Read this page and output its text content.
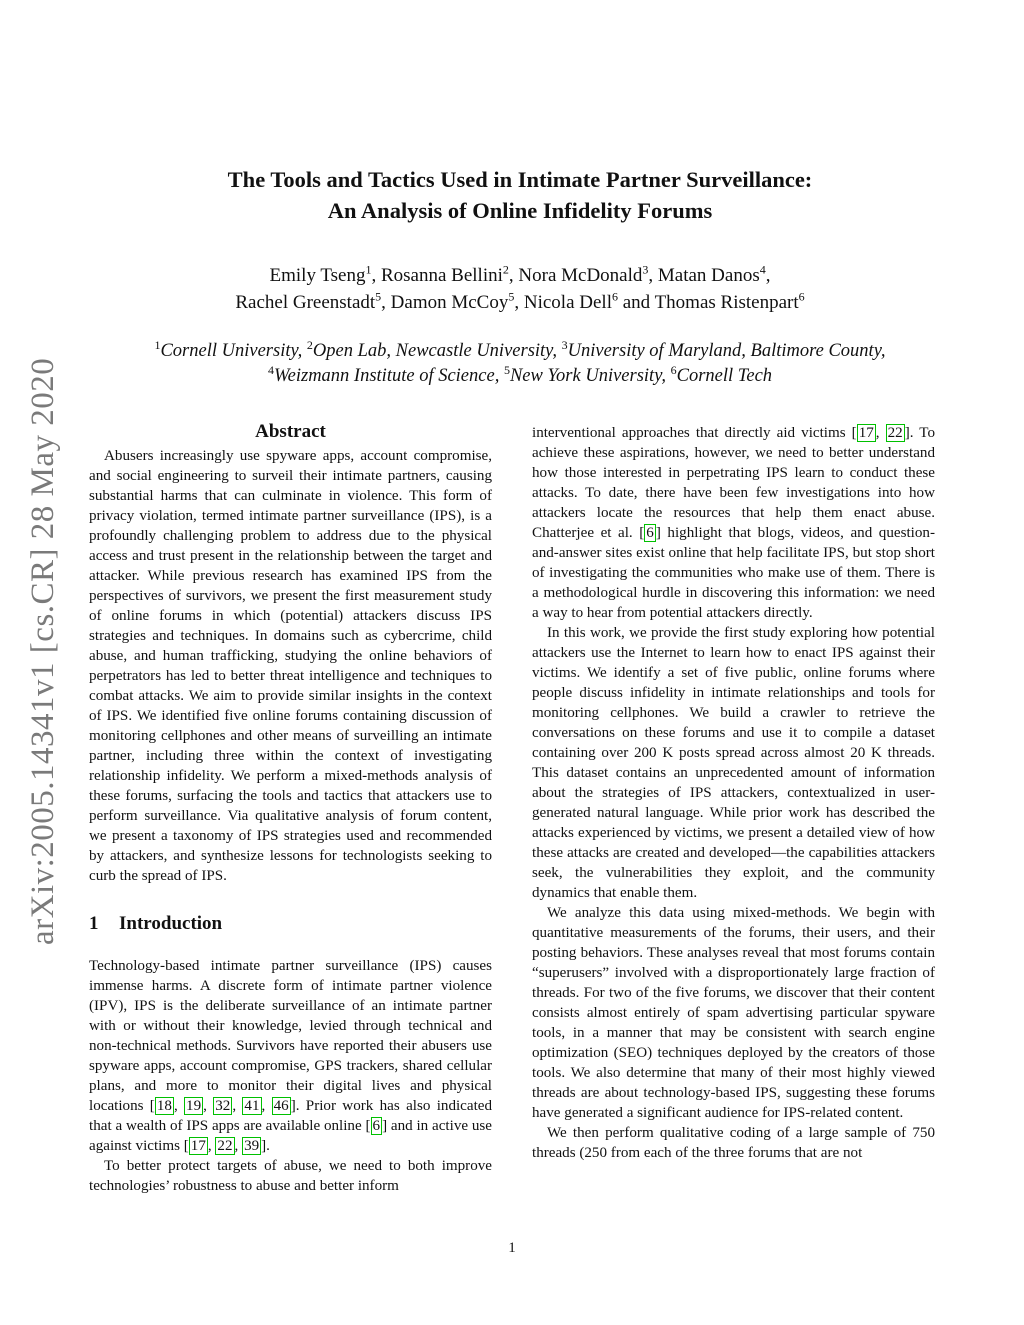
arXiv:2005.14341v1 [cs.CR] 28 May 2020
The Tools and Tactics Used in Intimate Partner Surveillance:
An Analysis of Online Infidelity Forums
Emily Tseng$^1$, Rosanna Bellini$^2$, Nora McDonald$^3$, Matan Danos$^4$,
Rachel Greenstadt$^5$, Damon McCoy$^5$, Nicola Dell$^6$ and Thomas Ristenpart$^6$
$^1$Cornell University, $^2$Open Lab, Newcastle University, $^3$University of Maryland, Baltimore County,
$^4$Weizmann Institute of Science, $^5$New York University, $^6$Cornell Tech
Abstract

Abusers increasingly use spyware apps, account compromise, and social engineering to surveil their intimate partners, causing substantial harms that can culminate in violence. This form of privacy violation, termed intimate partner surveillance (IPS), is a profoundly challenging problem to address due to the physical access and trust present in the relationship between the target and attacker. While previous research has examined IPS from the perspectives of survivors, we present the first measurement study of online forums in which (potential) attackers discuss IPS strategies and techniques. In domains such as cybercrime, child abuse, and human trafficking, studying the online behaviors of perpetrators has led to better threat intelligence and techniques to combat attacks. We aim to provide similar insights in the context of IPS. We identified five online forums containing discussion of monitoring cellphones and other means of surveilling an intimate partner, including three within the context of investigating relationship infidelity. We perform a mixed-methods analysis of these forums, surfacing the tools and tactics that attackers use to perform surveillance. Via qualitative analysis of forum content, we present a taxonomy of IPS strategies used and recommended by attackers, and synthesize lessons for technologists seeking to curb the spread of IPS.

1 Introduction

Technology-based intimate partner surveillance (IPS) causes immense harms. A discrete form of intimate partner violence (IPV), IPS is the deliberate surveillance of an intimate partner with or without their knowledge, levied through technical and non-technical methods. Survivors have reported their abusers use spyware apps, account compromise, GPS trackers, shared cellular plans, and more to monitor their digital lives and physical locations [ 18 , 19 , 32 , 41 , 46 ]. Prior work has also indicated that a wealth of IPS apps are available online [ 6 ] and in active use against victims [ 17 , 22 , 39 ].

To better protect targets of abuse, we need to both improve technologies’ robustness to abuse and better inform

interventional approaches that directly aid victims [ 17 , 22 ]. To achieve these aspirations, however, we need to better understand how those interested in perpetrating IPS learn to conduct these attacks. To date, there have been few investigations into how attackers locate the resources that help them enact abuse. Chatterjee et al. [ 6 ] highlight that blogs, videos, and question-and-answer sites exist online that help facilitate IPS, but stop short of investigating the communities who make use of them. There is a methodological hurdle in discovering this information: we need a way to hear from potential attackers directly.

In this work, we provide the first study exploring how potential attackers use the Internet to learn how to enact IPS against their victims. We identify a set of five public, online forums where people discuss infidelity in intimate relationships and tools for monitoring cellphones. We build a crawler to retrieve the conversations on these forums and use it to compile a dataset containing over 200 K posts spread across almost 20 K threads. This dataset contains an unprecedented amount of information about the strategies of IPS attackers, contextualized in user-generated natural language. While prior work has described the attacks experienced by victims, we present a detailed view of how these attacks are created and developed—the capabilities attackers seek, the vulnerabilities they exploit, and the community dynamics that enable them.

We analyze this data using mixed-methods. We begin with quantitative measurements of the forums, their users, and their posting behaviors. These analyses reveal that most forums contain “superusers” involved with a disproportionately large fraction of threads. For two of the five forums, we discover that their content consists almost entirely of spam advertising particular spyware tools, in a manner that may be consistent with search engine optimization (SEO) techniques deployed by the creators of those tools. We also determine that many of their most highly viewed threads are about technology-based IPS, suggesting these forums have generated a significant audience for IPS-related content.

We then perform qualitative coding of a large sample of 750 threads (250 from each of the three forums that are not

1
